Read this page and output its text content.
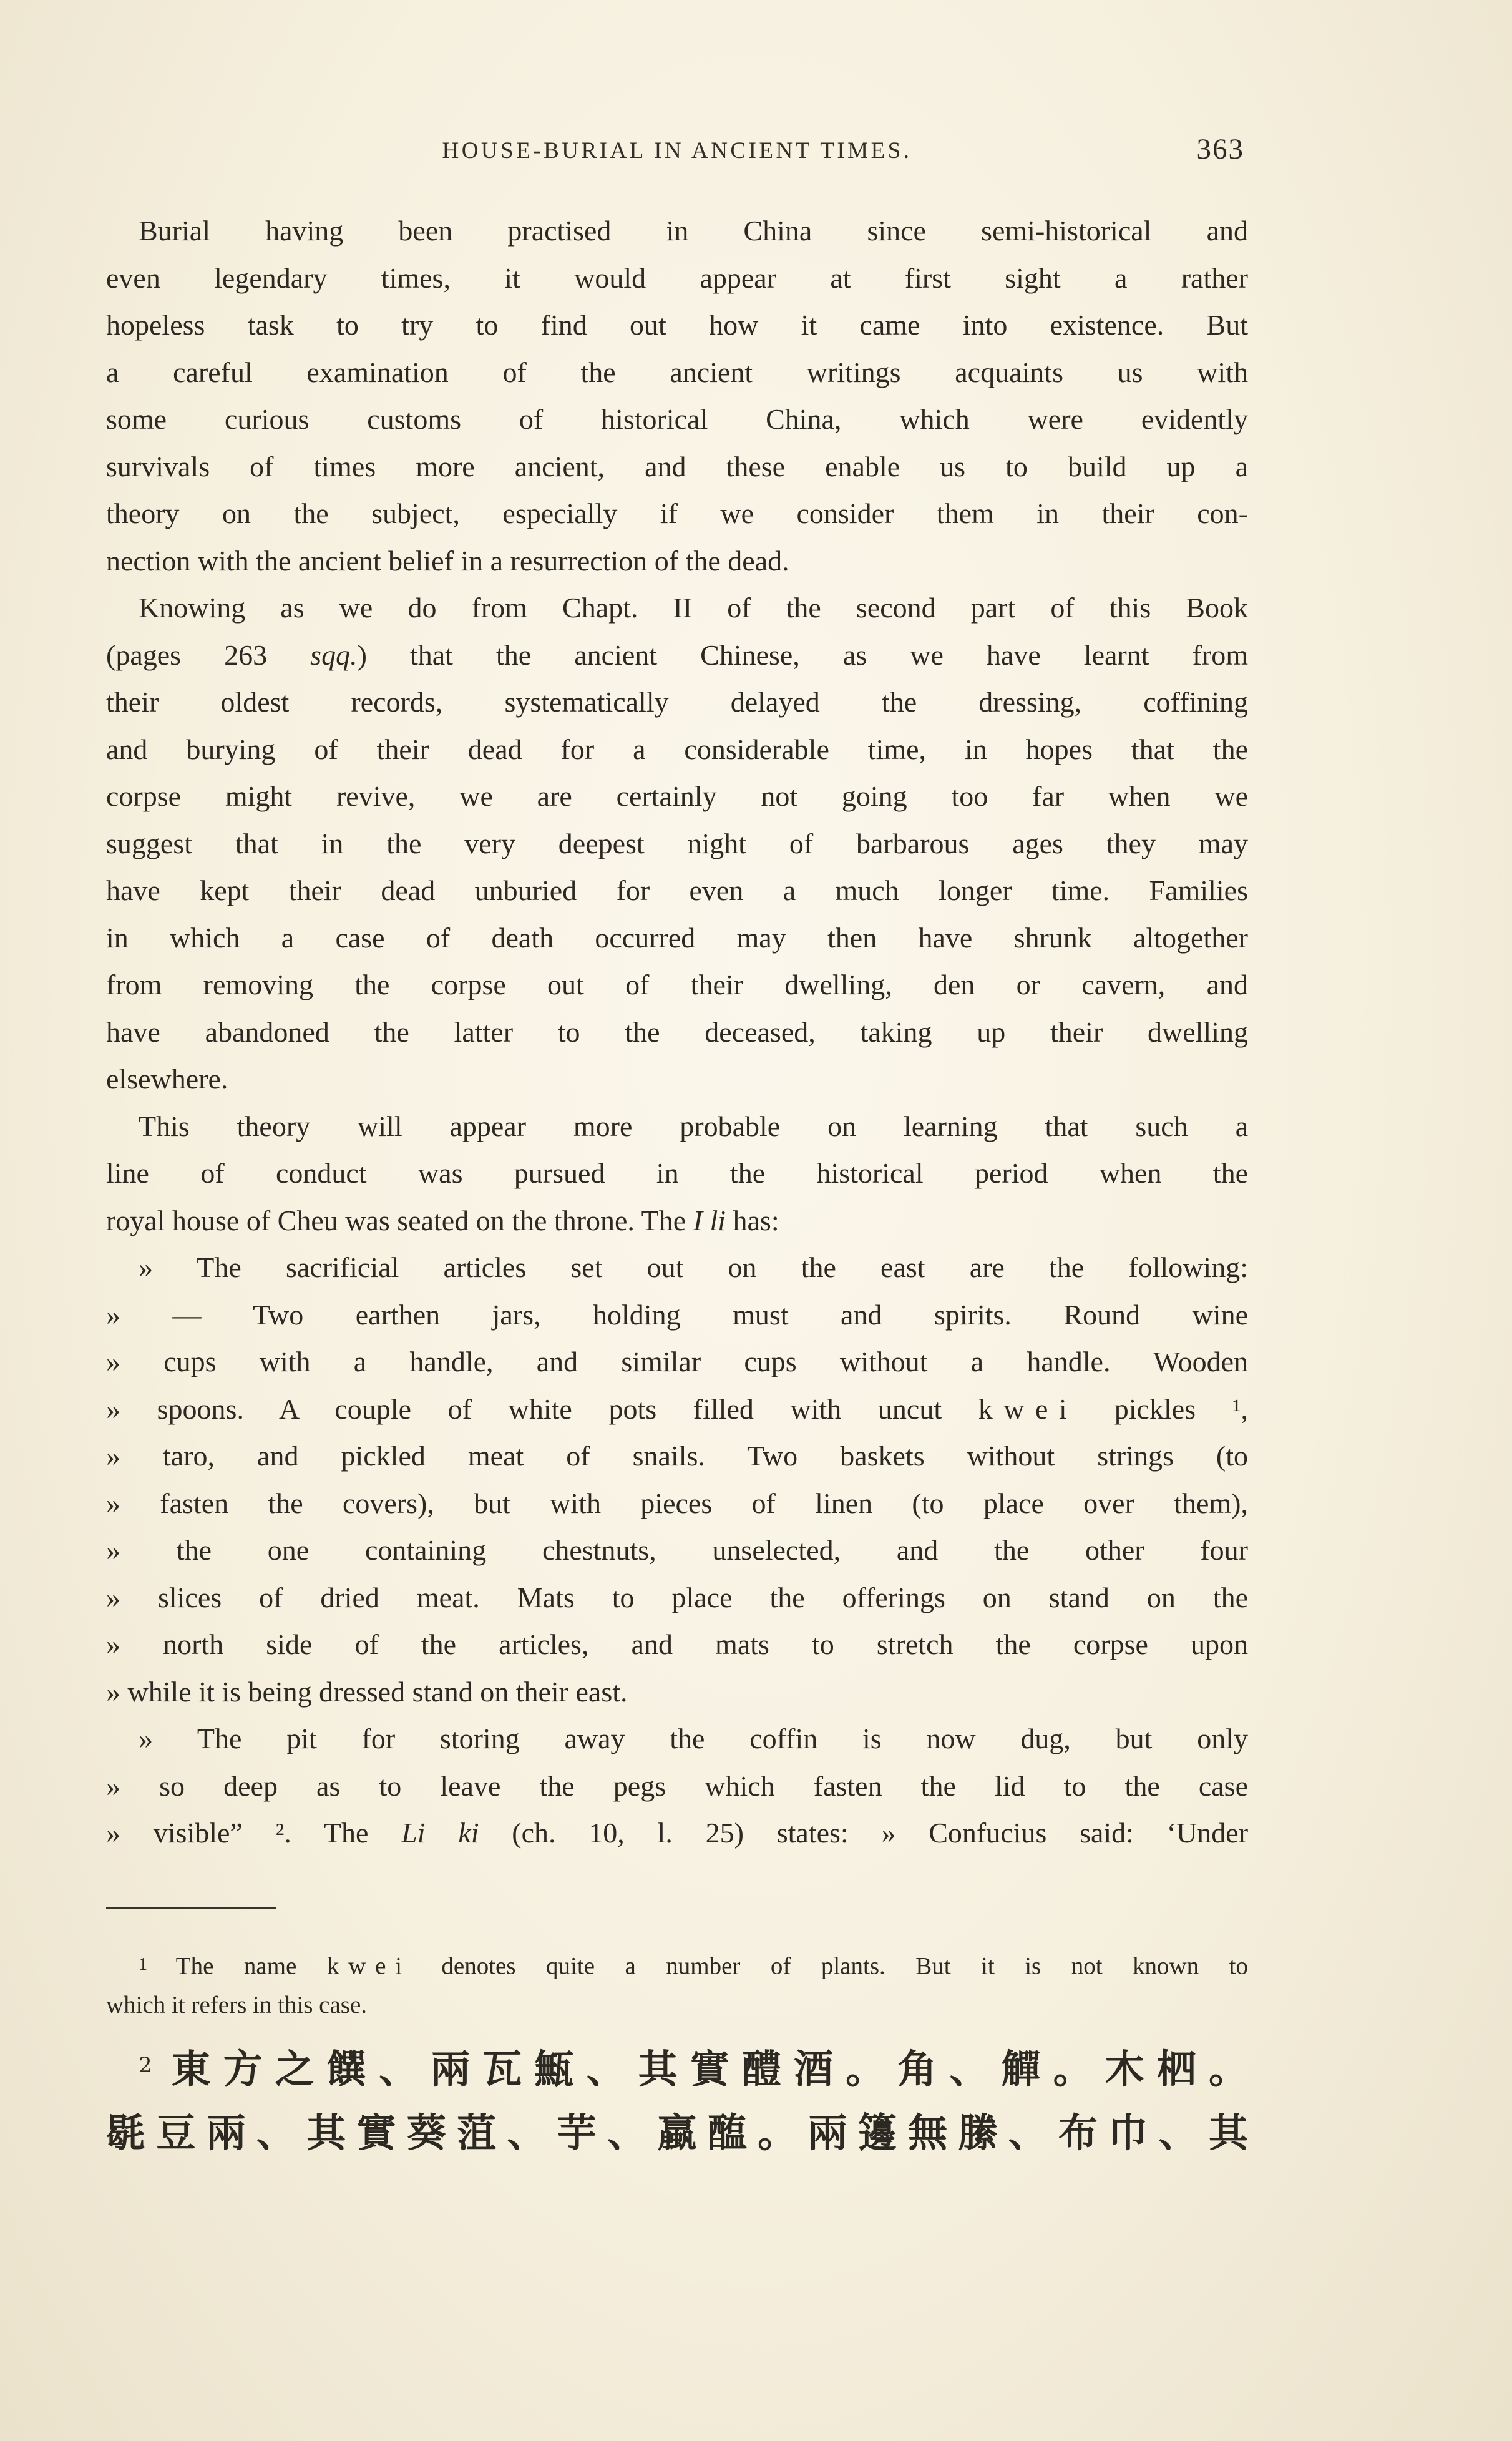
HOUSE-BURIAL IN ANCIENT TIMES.	363
Burial having been practised in China since semi-historical and
even legendary times, it would appear at first sight a rather
hopeless task to try to find out how it came into existence. But
a careful examination of the ancient writings acquaints us with
some curious customs of historical China, which were evidently
survivals of times more ancient, and these enable us to build up a
theory on the subject, especially if we consider them in their con-
nection with the ancient belief in a resurrection of the dead.
Knowing as we do from Chapt. II of the second part of this Book
(pages 263 sqq.) that the ancient Chinese, as we have learnt from
their oldest records, systematically delayed the dressing, coffining
and burying of their dead for a considerable time, in hopes that the
corpse might revive, we are certainly not going too far when we
suggest that in the very deepest night of barbarous ages they may
have kept their dead unburied for even a much longer time. Families
in which a case of death occurred may then have shrunk altogether
from removing the corpse out of their dwelling, den or cavern, and
have abandoned the latter to the deceased, taking up their dwelling
elsewhere.
This theory will appear more probable on learning that such a
line of conduct was pursued in the historical period when the
royal house of Cheu was seated on the throne. The I li has:
» The sacrificial articles set out on the east are the following:
» — Two earthen jars, holding must and spirits. Round wine
» cups with a handle, and similar cups without a handle. Wooden
» spoons. A couple of white pots filled with uncut kwei pickles ¹,
» taro, and pickled meat of snails. Two baskets without strings (to
» fasten the covers), but with pieces of linen (to place over them),
» the one containing chestnuts, unselected, and the other four
» slices of dried meat. Mats to place the offerings on stand on the
» north side of the articles, and mats to stretch the corpse upon
» while it is being dressed stand on their east.
» The pit for storing away the coffin is now dug, but only
» so deep as to leave the pegs which fasten the lid to the case
» visible” ². The Li ki (ch. 10, l. 25) states: » Confucius said: ‘Under
1 The name kwei denotes quite a number of plants. But it is not known to
which it refers in this case.
$^2$ 東方之饌、兩瓦甒、其實醴酒。角、觶。木柶。
毼豆兩、其實葵菹、芋、蠃醢。兩籩無縢、布巾、其
